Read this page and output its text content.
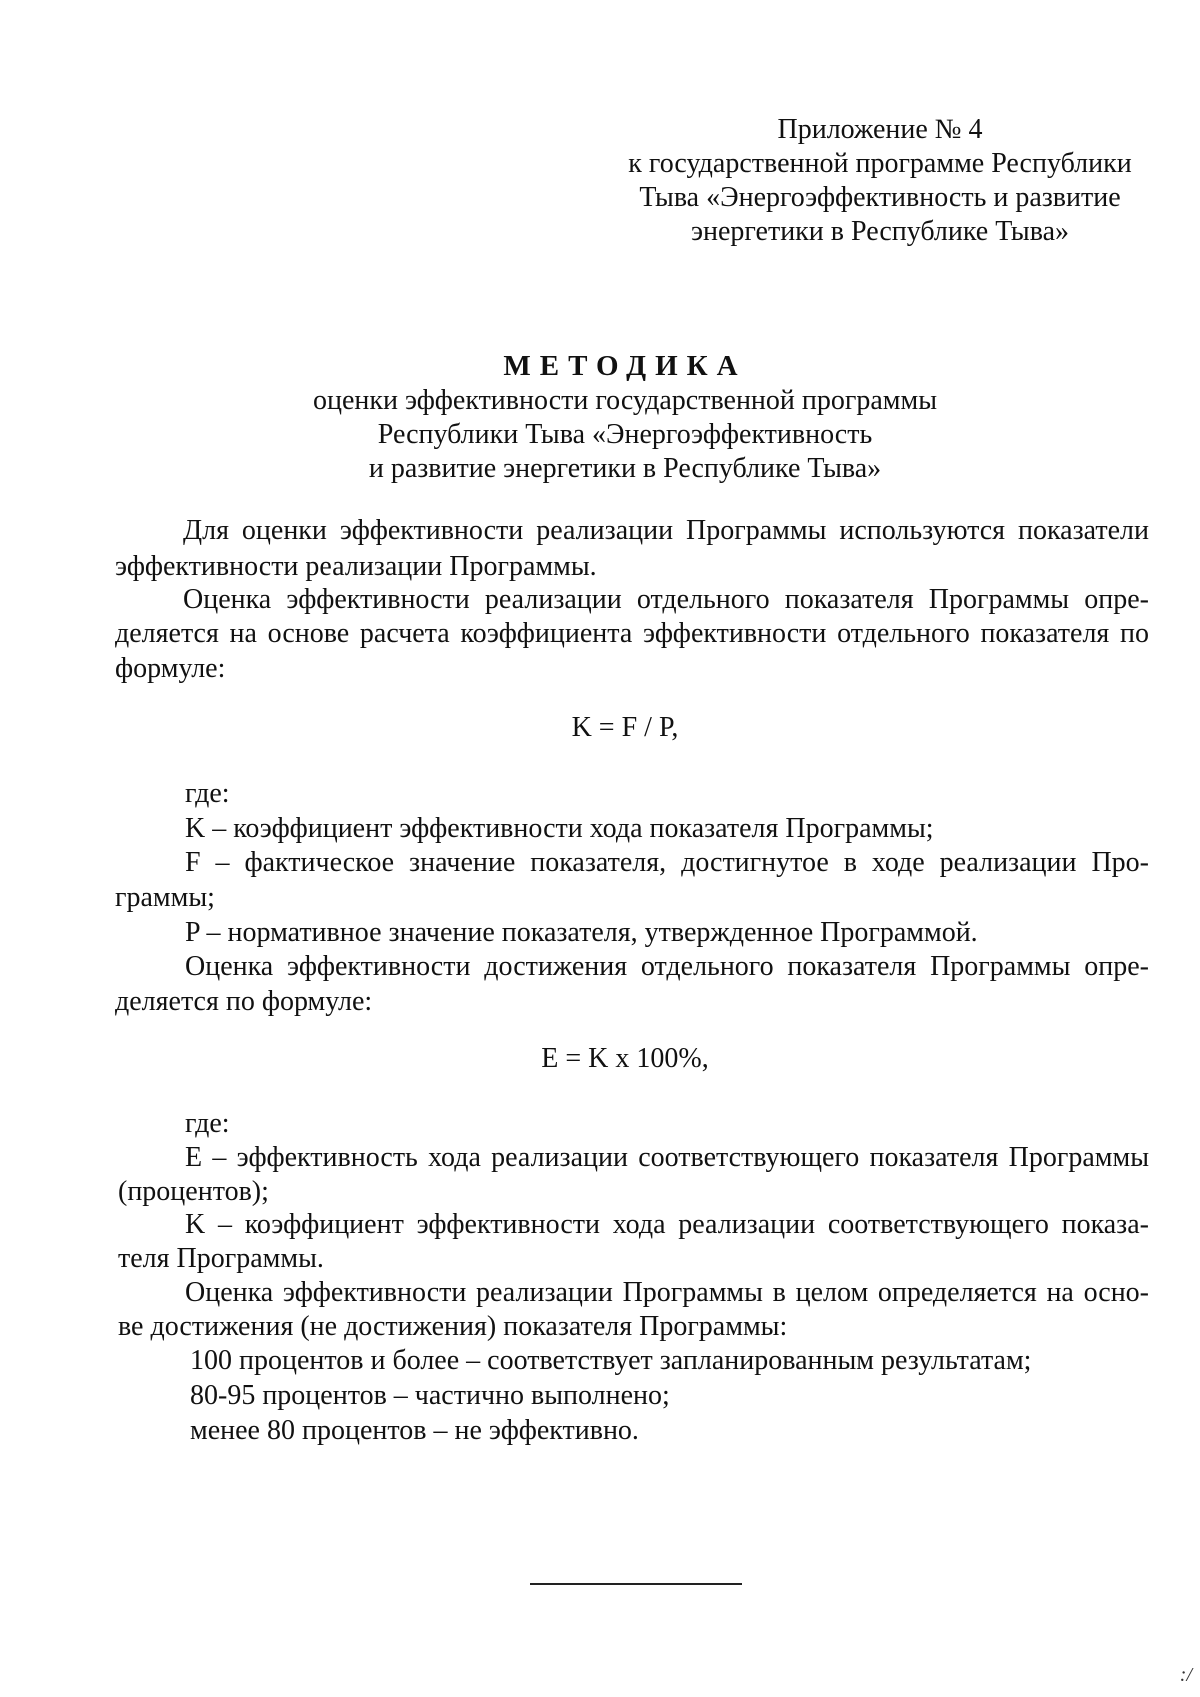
Приложение № 4
к государственной программе Республики
Тыва «Энергоэффективность и развитие
энергетики в Республике Тыва»
МЕТОДИКА
оценки эффективности государственной программы
Республики Тыва «Энергоэффективность
и развитие энергетики в Республике Тыва»
Для оценки эффективности реализации Программы используются показатели
эффективности реализации Программы.
Оценка эффективности реализации отдельного показателя Программы опре-
деляется на основе расчета коэффициента эффективности отдельного показателя по
формуле:
K = F / P,
где:
K – коэффициент эффективности хода показателя Программы;
F – фактическое значение показателя, достигнутое в ходе реализации Про-
граммы;
P – нормативное значение показателя, утвержденное Программой.
Оценка эффективности достижения отдельного показателя Программы опре-
деляется по формуле:
E = K x 100%,
где:
E – эффективность хода реализации соответствующего показателя Программы
(процентов);
K – коэффициент эффективности хода реализации соответствующего показа-
теля Программы.
Оценка эффективности реализации Программы в целом определяется на осно-
ве достижения (не достижения) показателя Программы:
100 процентов и более – соответствует запланированным результатам;
80-95 процентов – частично выполнено;
менее 80 процентов – не эффективно.
:/
